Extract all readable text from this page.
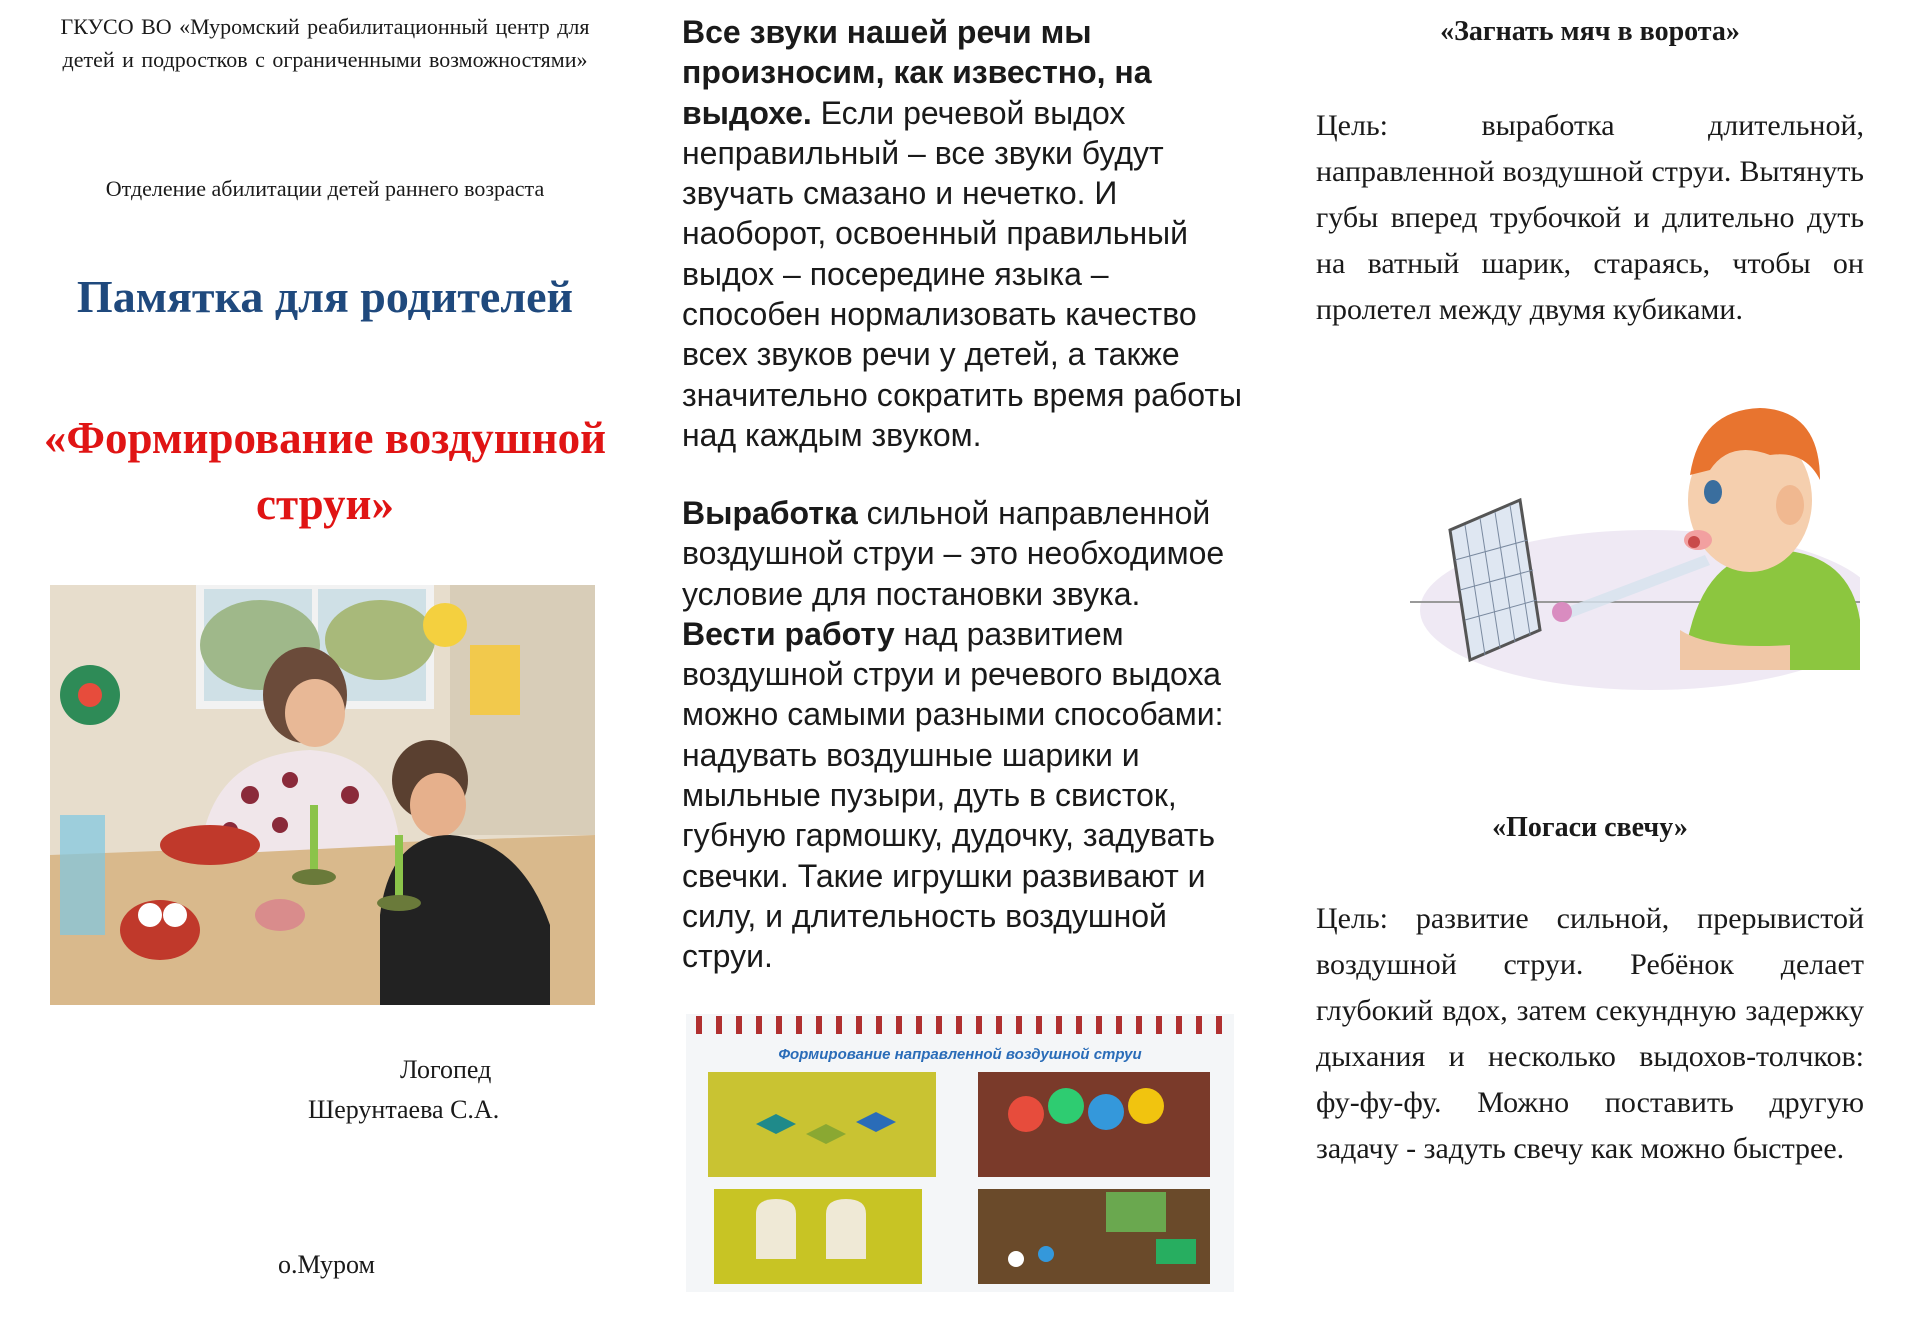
ГКУСО ВО «Муромский реабилитационный центр для детей и подростков с ограниченными возможностями»
Отделение абилитации детей раннего возраста
Памятка для родителей
«Формирование воздушной струи»
Логопед
Шерунтаева С.А.
о.Муром
Все звуки нашей речи мы произносим, как известно, на выдохе. Если речевой выдох неправильный – все звуки будут звучать смазано и нечетко. И наоборот, освоенный правильный выдох – посередине языка – способен нормализовать качество всех звуков речи у детей, а также значительно сократить время работы над каждым звуком.
Выработка сильной направленной воздушной струи – это необходимое условие для постановки звука.
Вести работу над развитием воздушной струи и речевого выдоха можно самыми разными способами: надувать воздушные шарики и мыльные пузыри, дуть в свисток, губную гармошку, дудочку, задувать свечки. Такие игрушки развивают и силу, и длительность воздушной струи.
Формирование направленной воздушной струи
«Загнать мяч в ворота»
Цель: выработка длительной, направленной воздушной струи. Вытянуть губы вперед трубочкой и длительно дуть на ватный шарик, стараясь, чтобы он пролетел между двумя кубиками.
«Погаси свечу»
Цель: развитие сильной, прерывистой воздушной струи. Ребёнок делает глубокий вдох, затем секундную задержку дыхания и несколько выдохов-толчков: фу-фу-фу. Можно поставить другую задачу - задуть свечу как можно быстрее.
